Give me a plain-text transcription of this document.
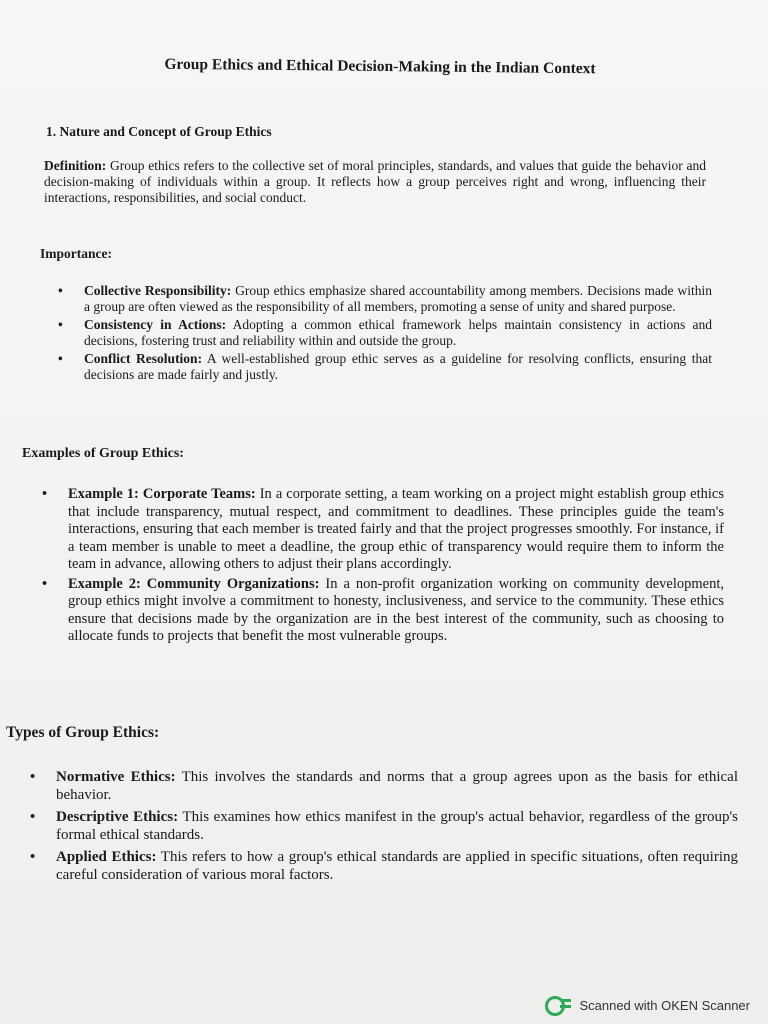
Group Ethics and Ethical Decision-Making in the Indian Context
1. Nature and Concept of Group Ethics
Definition: Group ethics refers to the collective set of moral principles, standards, and values that guide the behavior and decision-making of individuals within a group. It reflects how a group perceives right and wrong, influencing their interactions, responsibilities, and social conduct.
Importance:
• Collective Responsibility: Group ethics emphasize shared accountability among members. Decisions made within a group are often viewed as the responsibility of all members, promoting a sense of unity and shared purpose.
• Consistency in Actions: Adopting a common ethical framework helps maintain consistency in actions and decisions, fostering trust and reliability within and outside the group.
• Conflict Resolution: A well-established group ethic serves as a guideline for resolving conflicts, ensuring that decisions are made fairly and justly.
Examples of Group Ethics:
• Example 1: Corporate Teams: In a corporate setting, a team working on a project might establish group ethics that include transparency, mutual respect, and commitment to deadlines. These principles guide the team's interactions, ensuring that each member is treated fairly and that the project progresses smoothly. For instance, if a team member is unable to meet a deadline, the group ethic of transparency would require them to inform the team in advance, allowing others to adjust their plans accordingly.
• Example 2: Community Organizations: In a non-profit organization working on community development, group ethics might involve a commitment to honesty, inclusiveness, and service to the community. These ethics ensure that decisions made by the organization are in the best interest of the community, such as choosing to allocate funds to projects that benefit the most vulnerable groups.
Types of Group Ethics:
• Normative Ethics: This involves the standards and norms that a group agrees upon as the basis for ethical behavior.
• Descriptive Ethics: This examines how ethics manifest in the group's actual behavior, regardless of the group's formal ethical standards.
• Applied Ethics: This refers to how a group's ethical standards are applied in specific situations, often requiring careful consideration of various moral factors.
Scanned with OKEN Scanner
